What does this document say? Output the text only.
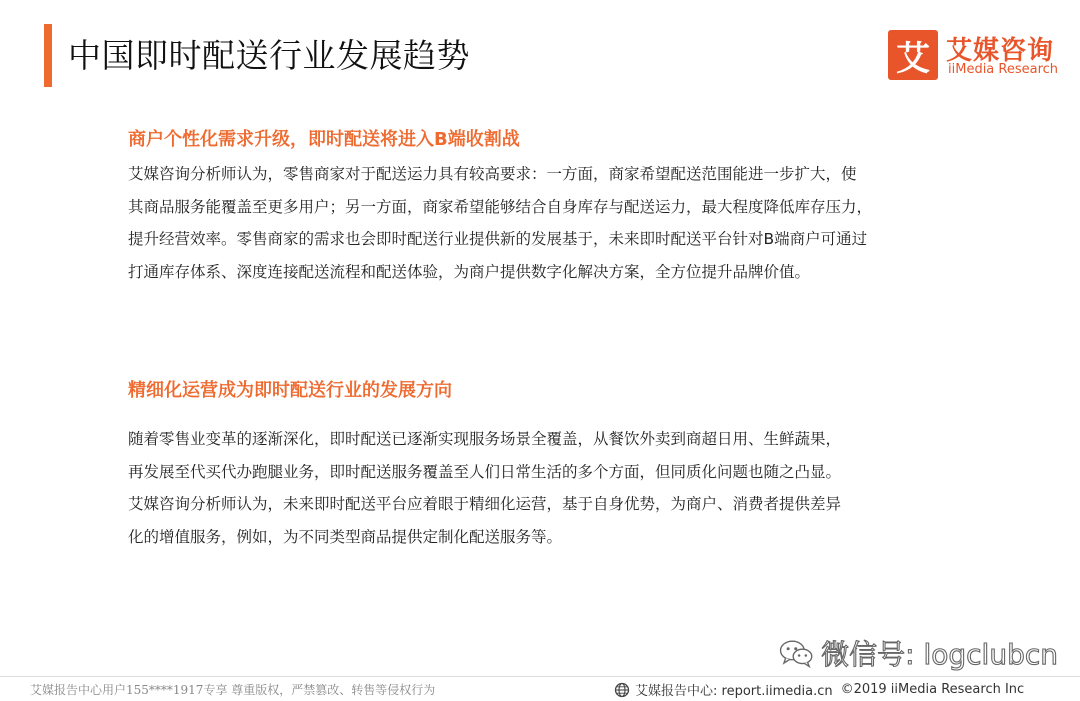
中国即时配送行业发展趋势	艾 艾媒咨询
iiMedia Research
商户个性化需求升级，即时配送将进入B端收割战
艾媒咨询分析师认为，零售商家对于配送运力具有较高要求：一方面，商家希望配送范围能进一步扩大，使
其商品服务能覆盖至更多用户；另一方面，商家希望能够结合自身库存与配送运力，最大程度降低库存压力，
提升经营效率。零售商家的需求也会即时配送行业提供新的发展基于，未来即时配送平台针对B端商户可通过
打通库存体系、深度连接配送流程和配送体验，为商户提供数字化解决方案，全方位提升品牌价值。
精细化运营成为即时配送行业的发展方向
随着零售业变革的逐渐深化，即时配送已逐渐实现服务场景全覆盖，从餐饮外卖到商超日用、生鲜蔬果，
再发展至代买代办跑腿业务，即时配送服务覆盖至人们日常生活的多个方面，但同质化问题也随之凸显。
艾媒咨询分析师认为，未来即时配送平台应着眼于精细化运营，基于自身优势，为商户、消费者提供差异
化的增值服务，例如，为不同类型商品提供定制化配送服务等。
微信号: logclubcn
艾媒报告中心用户155****1917专享 尊重版权，严禁篡改、转售等侵权行为	艾媒报告中心: report.iimedia.cn ©2019 iiMedia Research Inc
